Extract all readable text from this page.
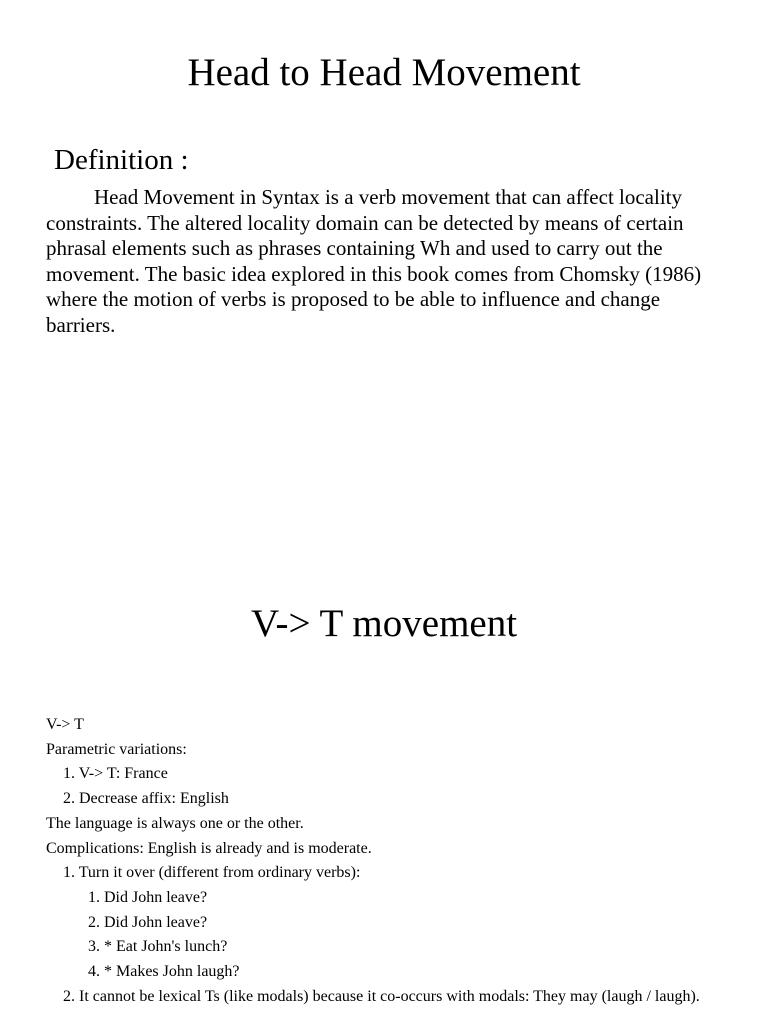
Head to Head Movement
Definition :

Head Movement in Syntax is a verb movement that can affect locality constraints. The altered locality domain can be detected by means of certain phrasal elements such as phrases containing Wh and used to carry out the movement. The basic idea explored in this book comes from Chomsky (1986) where the motion of verbs is proposed to be able to influence and change barriers.

V-> T movement
V-> T
Parametric variations:
1. V-> T: France
2. Decrease affix: English
The language is always one or the other.
Complications: English is already and is moderate.
1. Turn it over (different from ordinary verbs):
1. Did John leave?
2. Did John leave?
3. * Eat John's lunch?
4. * Makes John laugh?
2. It cannot be lexical Ts (like modals) because it co-occurs with modals: They may (laugh / laugh).
